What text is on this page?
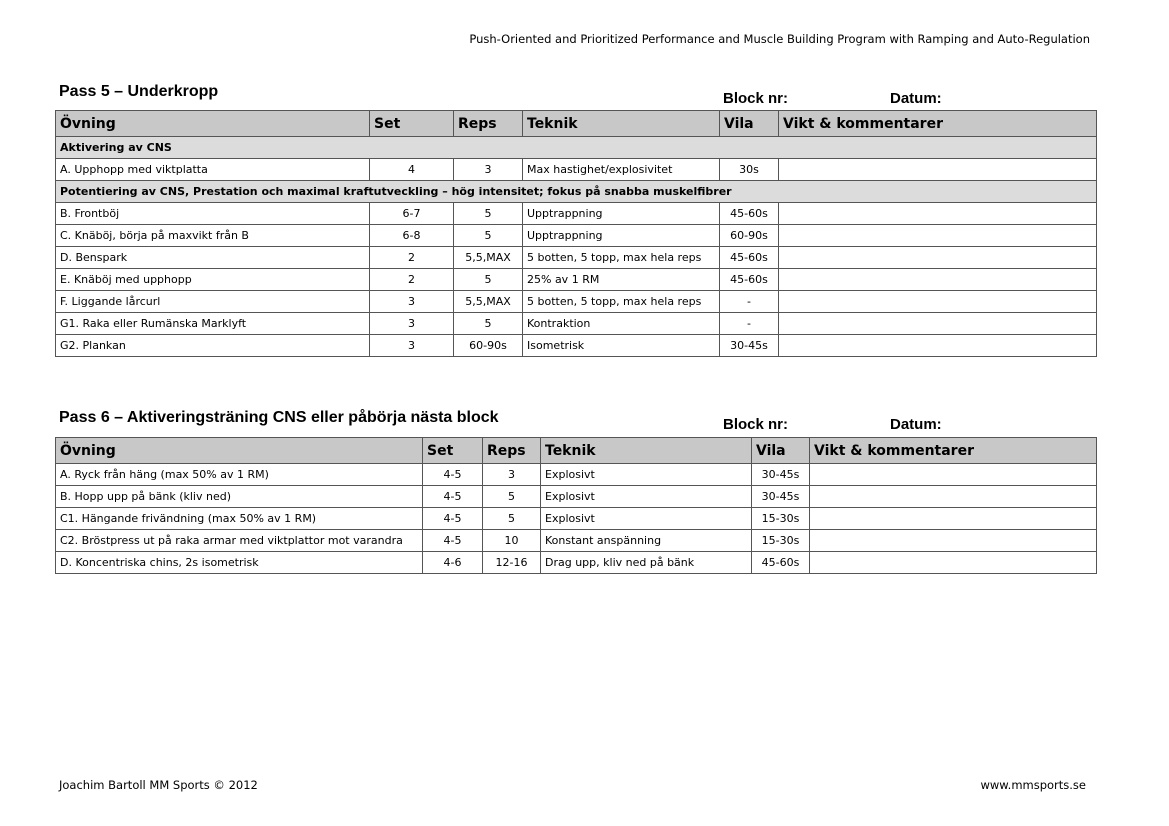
Push-Oriented and Prioritized Performance and Muscle Building Program with Ramping and Auto-Regulation
Pass 5 – Underkropp	Block nr:	Datum:
Övning	Set	Reps	Teknik	Vila	Vikt & kommentarer
Aktivering av CNS					
A. Upphopp med viktplatta	4	3	Max hastighet/explosivitet	30s	
Potentiering av CNS, Prestation och maximal kraftutveckling – hög intensitet; fokus på snabba muskelfibrer					
B. Frontböj	6-7	5	Upptrappning	45-60s	
C. Knäböj, börja på maxvikt från B	6-8	5	Upptrappning	60-90s	
D. Benspark	2	5,5,MAX	5 botten, 5 topp, max hela reps	45-60s	
E. Knäböj med upphopp	2	5	25% av 1 RM	45-60s	
F. Liggande lårcurl	3	5,5,MAX	5 botten, 5 topp, max hela reps	-	
G1. Raka eller Rumänska Marklyft	3	5	Kontraktion	-	
G2. Plankan	3	60-90s	Isometrisk	30-45s	
Pass 6 – Aktiveringsträning CNS eller påbörja nästa block	Block nr:	Datum:
Övning	Set	Reps	Teknik	Vila	Vikt & kommentarer
A. Ryck från häng (max 50% av 1 RM)	4-5	3	Explosivt	30-45s	
B. Hopp upp på bänk (kliv ned)	4-5	5	Explosivt	30-45s	
C1. Hängande frivändning (max 50% av 1 RM)	4-5	5	Explosivt	15-30s	
C2. Bröstpress ut på raka armar med viktplattor mot varandra	4-5	10	Konstant anspänning	15-30s	
D. Koncentriska chins, 2s isometrisk	4-6	12-16	Drag upp, kliv ned på bänk	45-60s	
Joachim Bartoll MM Sports © 2012	www.mmsports.se
